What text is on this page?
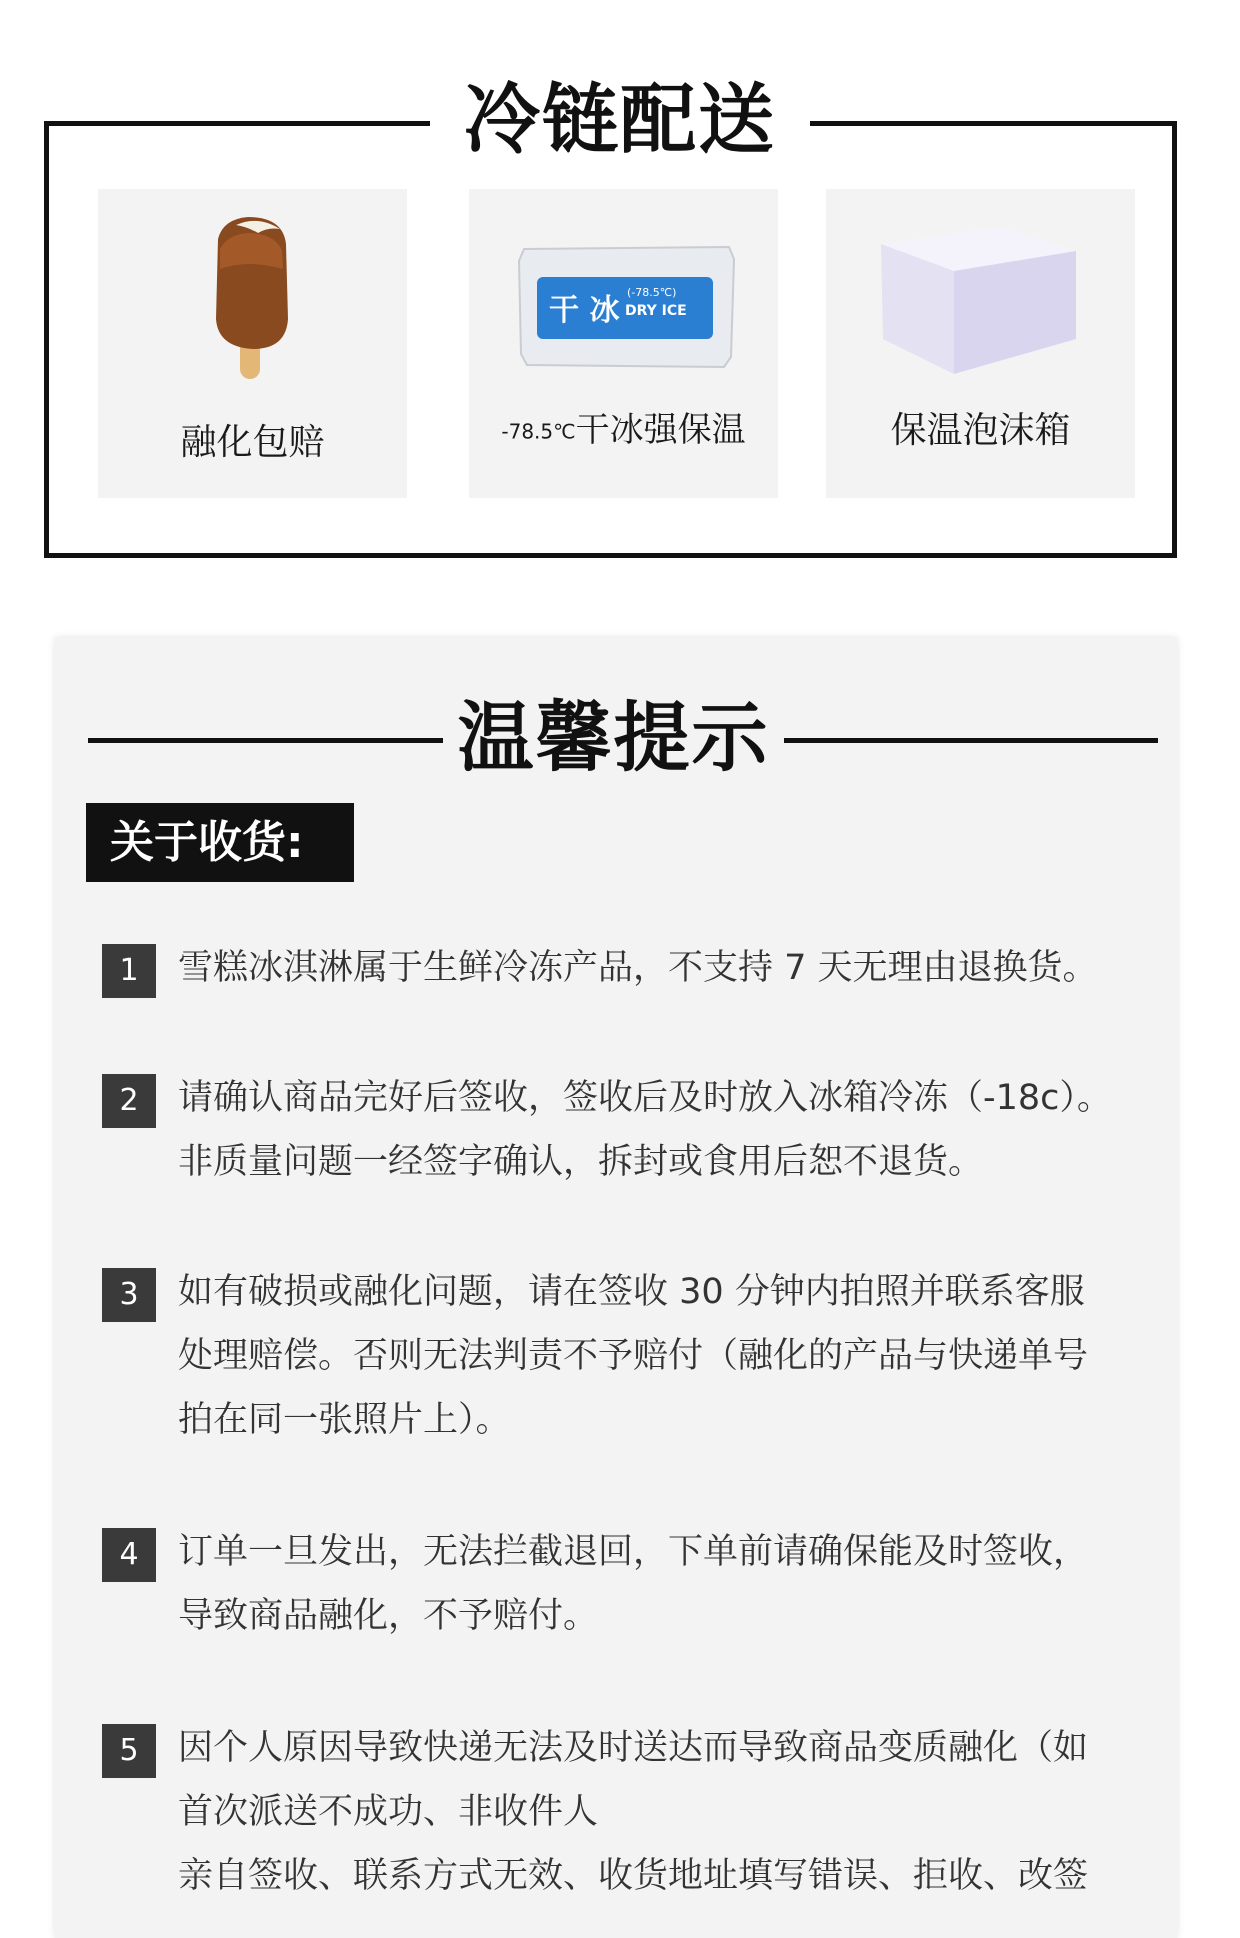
冷链配送
融化包赔
干 冰
(-78.5℃)
DRY ICE
-78.5℃干冰强保温	保温泡沫箱
温馨提示
关于收货:
1	雪糕冰淇淋属于生鲜冷冻产品，不支持 7 天无理由退换货。
2	请确认商品完好后签收，签收后及时放入冰箱冷冻（-18c）。
非质量问题一经签字确认，拆封或食用后恕不退货。
3	如有破损或融化问题，请在签收 30 分钟内拍照并联系客服
处理赔偿。否则无法判责不予赔付（融化的产品与快递单号
拍在同一张照片上）。
4	订单一旦发出，无法拦截退回，下单前请确保能及时签收，
导致商品融化，不予赔付。
5	因个人原因导致快递无法及时送达而导致商品变质融化（如
首次派送不成功、非收件人
亲自签收、联系方式无效、收货地址填写错误、拒收、改签
